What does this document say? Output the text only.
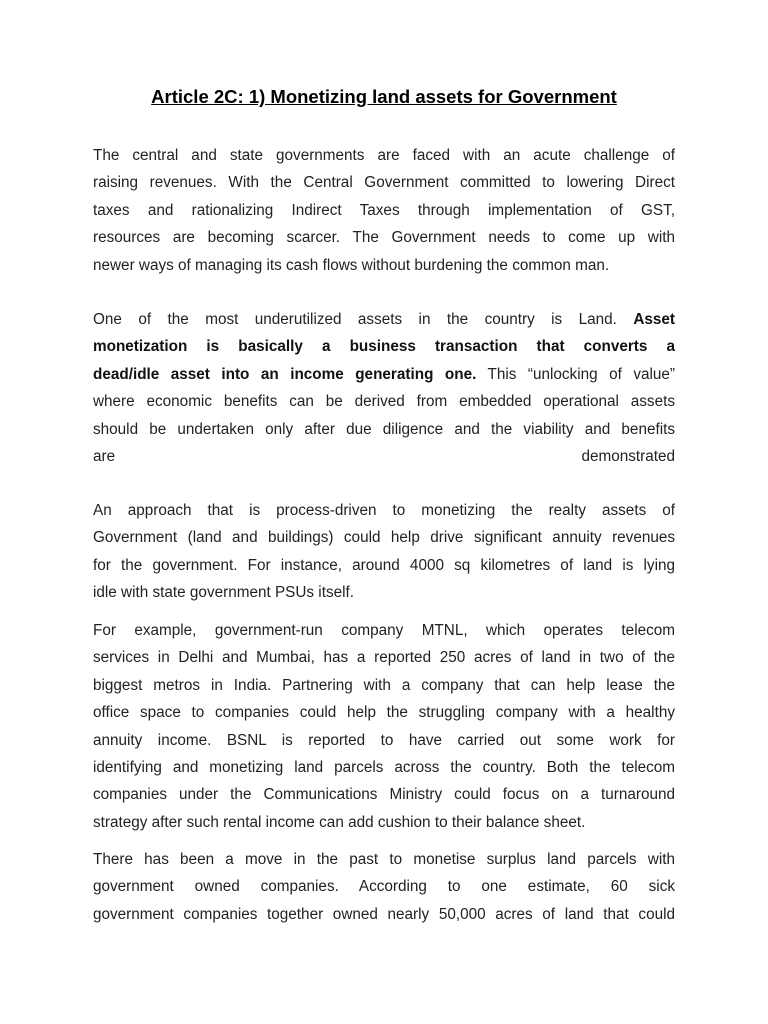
Article 2C: 1) Monetizing land assets for Government
The central and state governments are faced with an acute challenge of
raising revenues. With the Central Government committed to lowering Direct
taxes and rationalizing Indirect Taxes through implementation of GST,
resources are becoming scarcer. The Government needs to come up with
newer ways of managing its cash flows without burdening the common man.
One of the most underutilized assets in the country is Land. Asset
monetization is basically a business transaction that converts a
dead/idle asset into an income generating one. This “unlocking of value”
where economic benefits can be derived from embedded operational assets
should be undertaken only after due diligence and the viability and benefits
are	demonstrated
An approach that is process-driven to monetizing the realty assets of
Government (land and buildings) could help drive significant annuity revenues
for the government. For instance, around 4000 sq kilometres of land is lying
idle with state government PSUs itself.
For example, government-run company MTNL, which operates telecom
services in Delhi and Mumbai, has a reported 250 acres of land in two of the
biggest metros in India. Partnering with a company that can help lease the
office space to companies could help the struggling company with a healthy
annuity income. BSNL is reported to have carried out some work for
identifying and monetizing land parcels across the country. Both the telecom
companies under the Communications Ministry could focus on a turnaround
strategy after such rental income can add cushion to their balance sheet.
There has been a move in the past to monetise surplus land parcels with
government owned companies. According to one estimate, 60 sick
government companies together owned nearly 50,000 acres of land that could
